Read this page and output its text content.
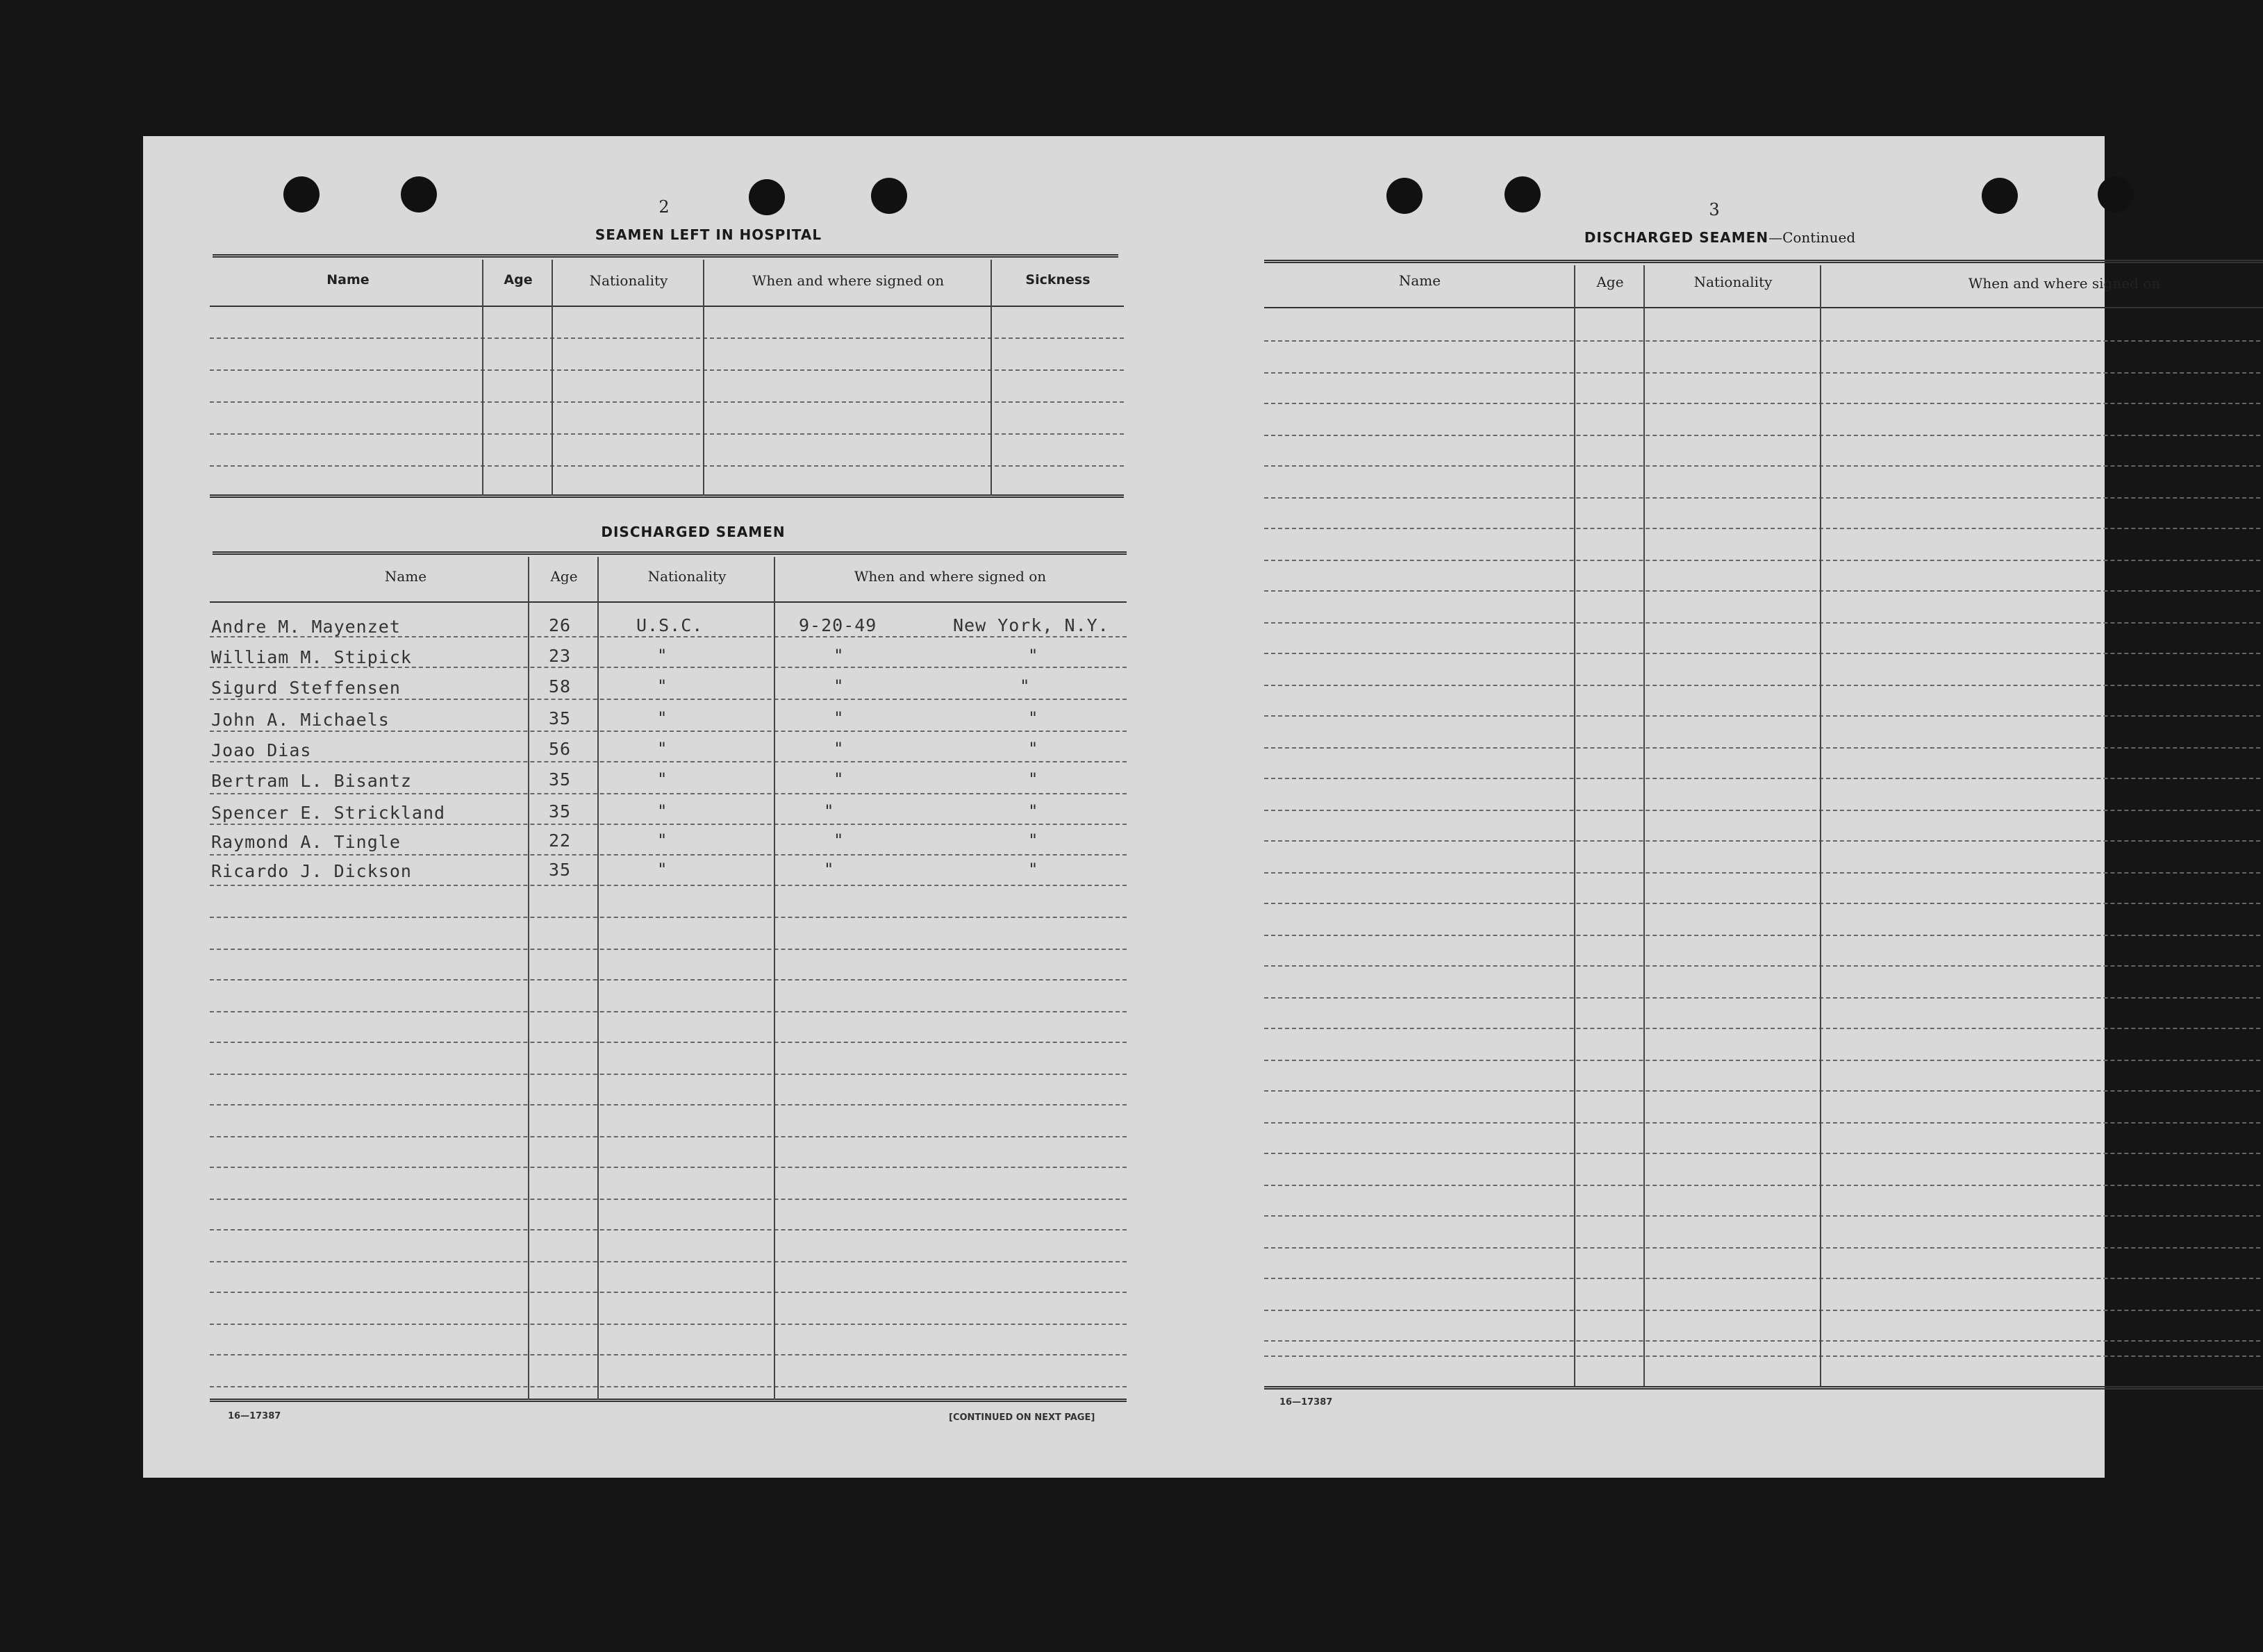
2
SEAMEN LEFT IN HOSPITAL
Name	Age	Nationality	When and where signed on	Sickness
DISCHARGED SEAMEN
Name	Age	Nationality	When and where signed on
Andre M. Mayenzet	26	U.S.C.	9-20-49	New York, N.Y.
William M. Stipick	23	"	"	"
Sigurd Steffensen	58	"	"	"
John A. Michaels	35	"	"	"
Joao Dias	56	"	"	"
Bertram L. Bisantz	35	"	"	"
Spencer E. Strickland	35	"	"	"
Raymond A. Tingle	22	"	"	"
Ricardo J. Dickson	35	"	"	"
16—17387	[CONTINUED ON NEXT PAGE]
3
DISCHARGED SEAMEN—Continued
Name	Age	Nationality	When and where signed on
16—17387
